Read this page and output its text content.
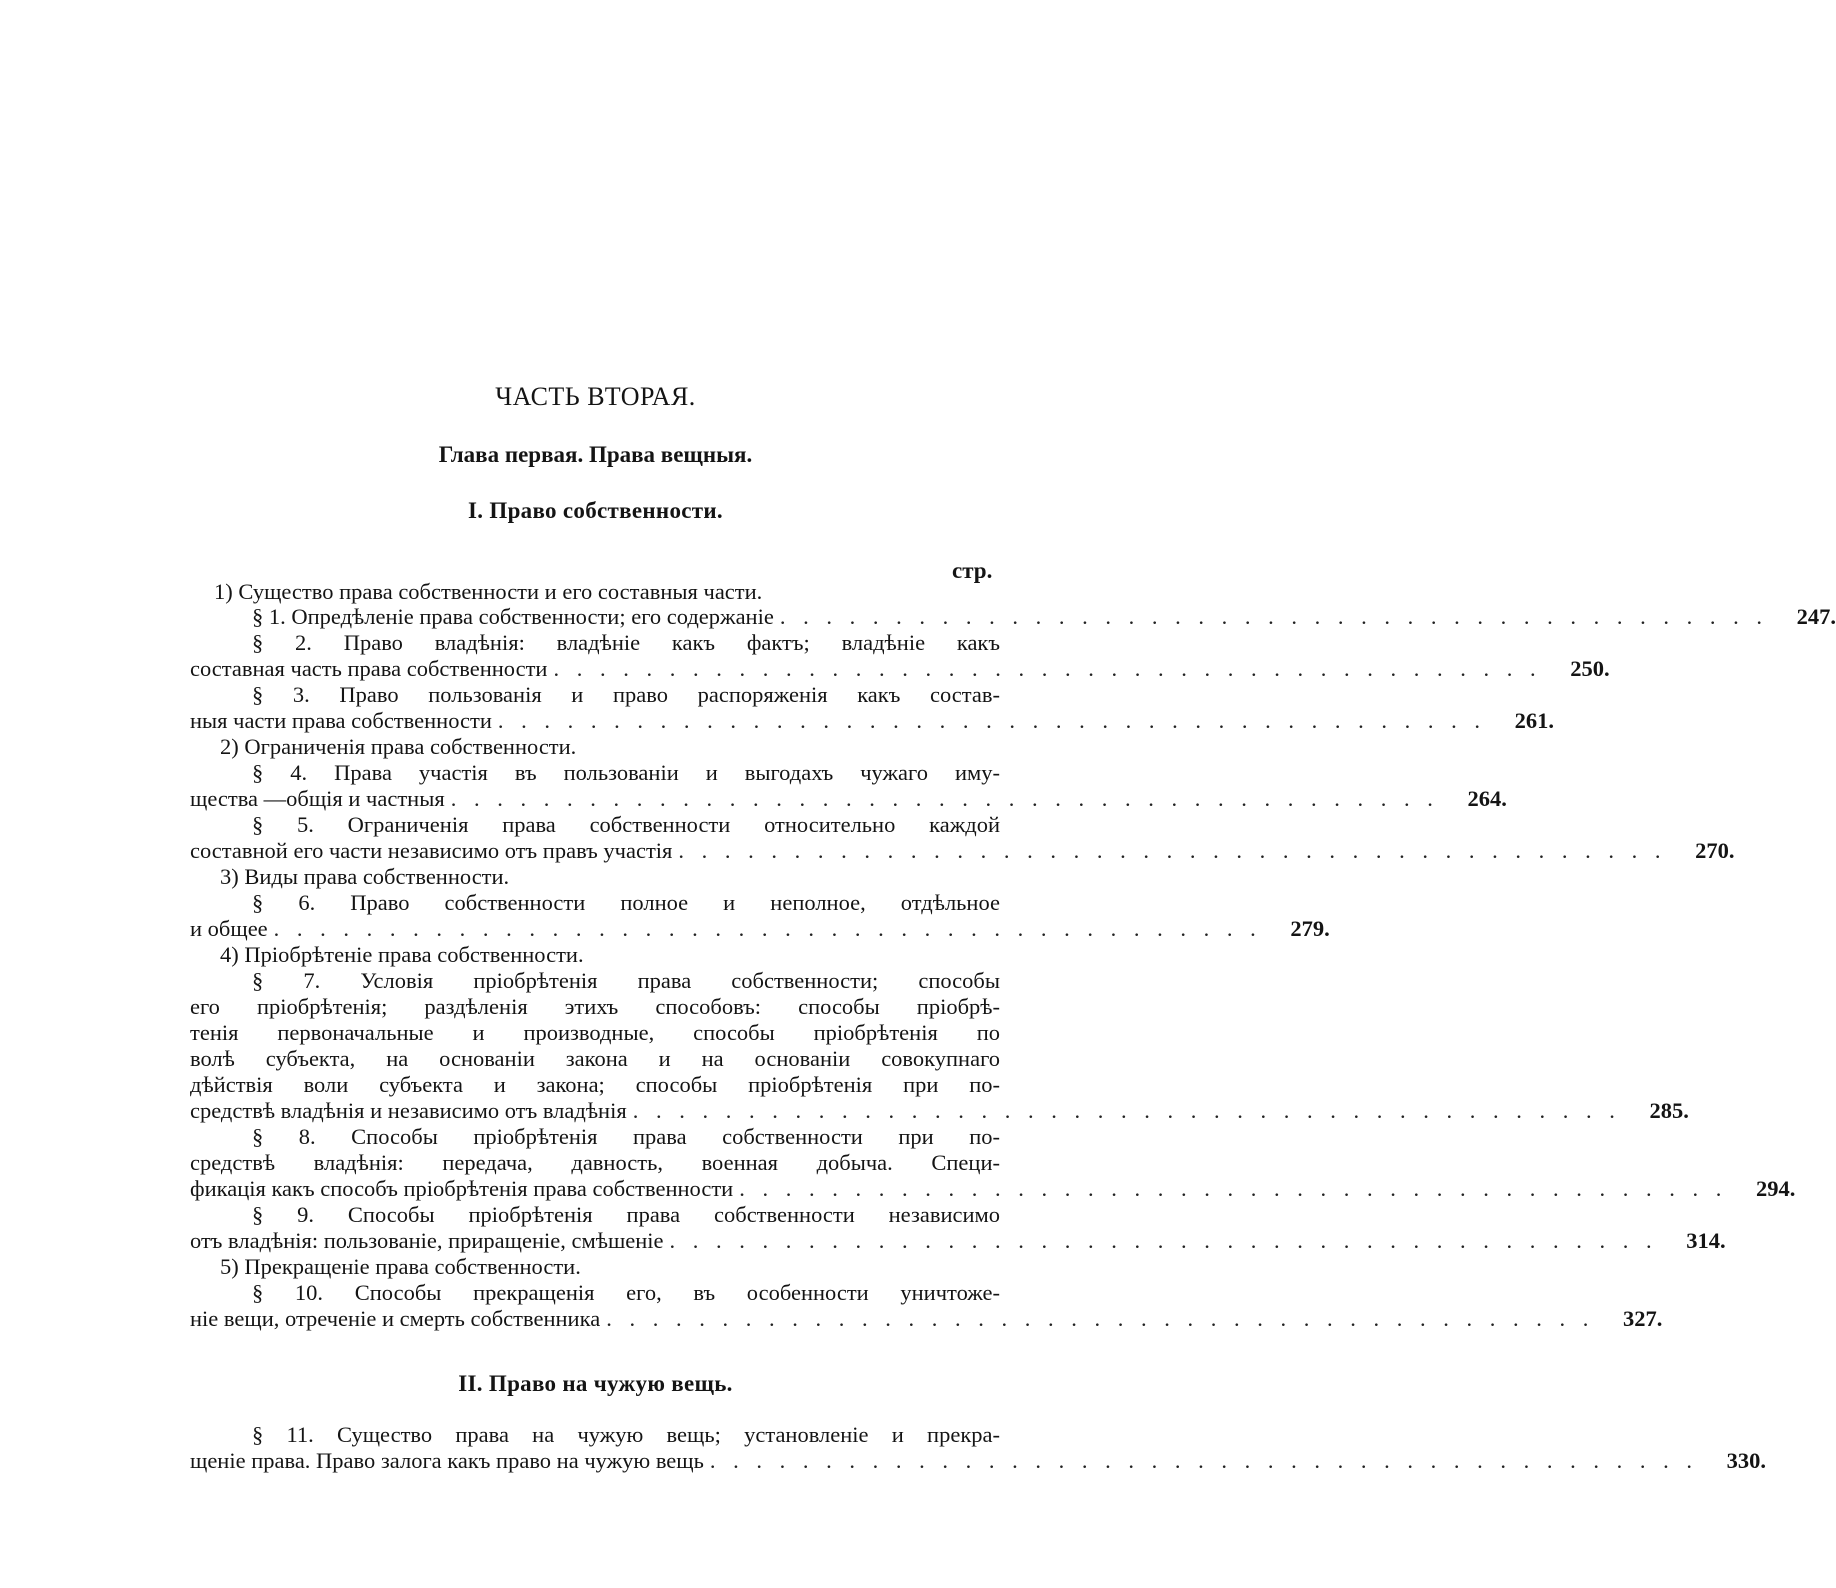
ЧАСТЬ ВТОРАЯ.
Глава первая. Права вещныя.
I. Право собственности.
стр.
1) Существо права собственности и его составныя части.
§ 1. Опредѣленіе права собственности; его содержаніе . . . . . . . . . . . . . . . . . . . . . . . . . . . . . . . . . . . . . . . . . . .	247.
§ 2. Право владѣнія: владѣніе какъ фактъ; владѣніе какъ
составная часть права собственности . . . . . . . . . . . . . . . . . . . . . . . . . . . . . . . . . . . . . . . . . . .	250.
§ 3. Право пользованія и право распоряженія какъ состав-
ныя части права собственности . . . . . . . . . . . . . . . . . . . . . . . . . . . . . . . . . . . . . . . . . . .	261.
2) Ограниченія права собственности.
§ 4. Права участія въ пользованіи и выгодахъ чужаго иму-
щества —общія и частныя . . . . . . . . . . . . . . . . . . . . . . . . . . . . . . . . . . . . . . . . . . .	264.
§ 5. Ограниченія права собственности относительно каждой
составной его части независимо отъ правъ участія . . . . . . . . . . . . . . . . . . . . . . . . . . . . . . . . . . . . . . . . . . .	270.
3) Виды права собственности.
§ 6. Право собственности полное и неполное, отдѣльное
и общее . . . . . . . . . . . . . . . . . . . . . . . . . . . . . . . . . . . . . . . . . . .	279.
4) Пріобрѣтеніе права собственности.
§ 7. Условія пріобрѣтенія права собственности; способы
его пріобрѣтенія; раздѣленія этихъ способовъ: способы пріобрѣ-
тенія первоначальные и производные, способы пріобрѣтенія по
волѣ субъекта, на основаніи закона и на основаніи совокупнаго
дѣйствія воли субъекта и закона; способы пріобрѣтенія при по-
средствѣ владѣнія и независимо отъ владѣнія . . . . . . . . . . . . . . . . . . . . . . . . . . . . . . . . . . . . . . . . . . .	285.
§ 8. Способы пріобрѣтенія права собственности при по-
средствѣ владѣнія: передача, давность, военная добыча. Специ-
фикація какъ способъ пріобрѣтенія права собственности . . . . . . . . . . . . . . . . . . . . . . . . . . . . . . . . . . . . . . . . . . .	294.
§ 9. Способы пріобрѣтенія права собственности независимо
отъ владѣнія: пользованіе, приращеніе, смѣшеніе . . . . . . . . . . . . . . . . . . . . . . . . . . . . . . . . . . . . . . . . . . .	314.
5) Прекращеніе права собственности.
§ 10. Способы прекращенія его, въ особенности уничтоже-
ніе вещи, отреченіе и смерть собственника . . . . . . . . . . . . . . . . . . . . . . . . . . . . . . . . . . . . . . . . . . .	327.
II. Право на чужую вещь.
§ 11. Существо права на чужую вещь; установленіе и прекра-
щеніе права. Право залога какъ право на чужую вещь . . . . . . . . . . . . . . . . . . . . . . . . . . . . . . . . . . . . . . . . . . .	330.
